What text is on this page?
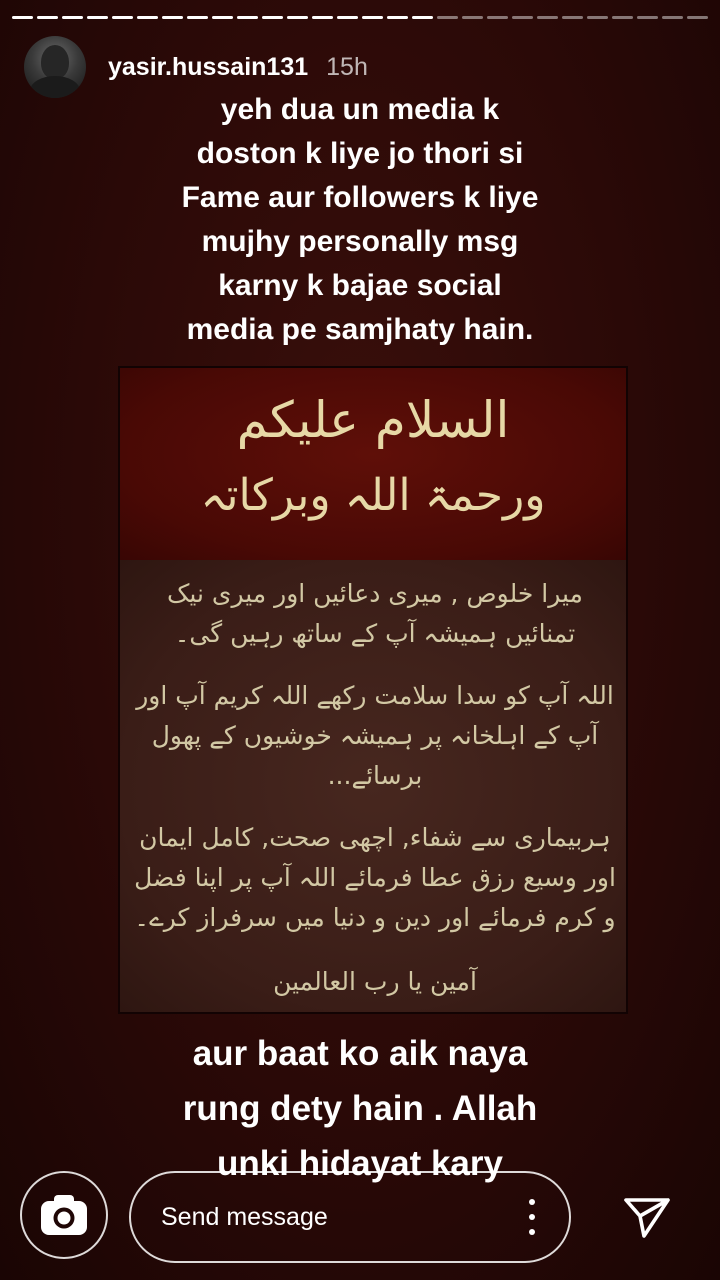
yasir.hussain131 15h
yeh dua un media k
doston k liye jo thori si
Fame aur followers k liye
mujhy personally msg
karny k bajae social
media pe samjhaty hain.
السلام علیکم
ورحمۃ اللہ وبرکاتہ
میرا خلوص , میری دعائیں اور میری نیک
تمنائیں ہمیشہ آپ کے ساتھ رہیں گی۔
اللہ آپ کو سدا سلامت رکھے اللہ کریم آپ اور
آپ کے اہلخانہ پر ہمیشہ خوشیوں کے پھول
برسائے...
ہربیماری سے شفاء, اچھی صحت, کامل ایمان
اور وسیع رزق عطا فرمائے اللہ آپ پر اپنا فضل
و کرم فرمائے اور دین و دنیا میں سرفراز کرے۔
آمین یا رب العالمین
aur baat ko aik naya
rung dety hain . Allah
unki hidayat kary
Send message
